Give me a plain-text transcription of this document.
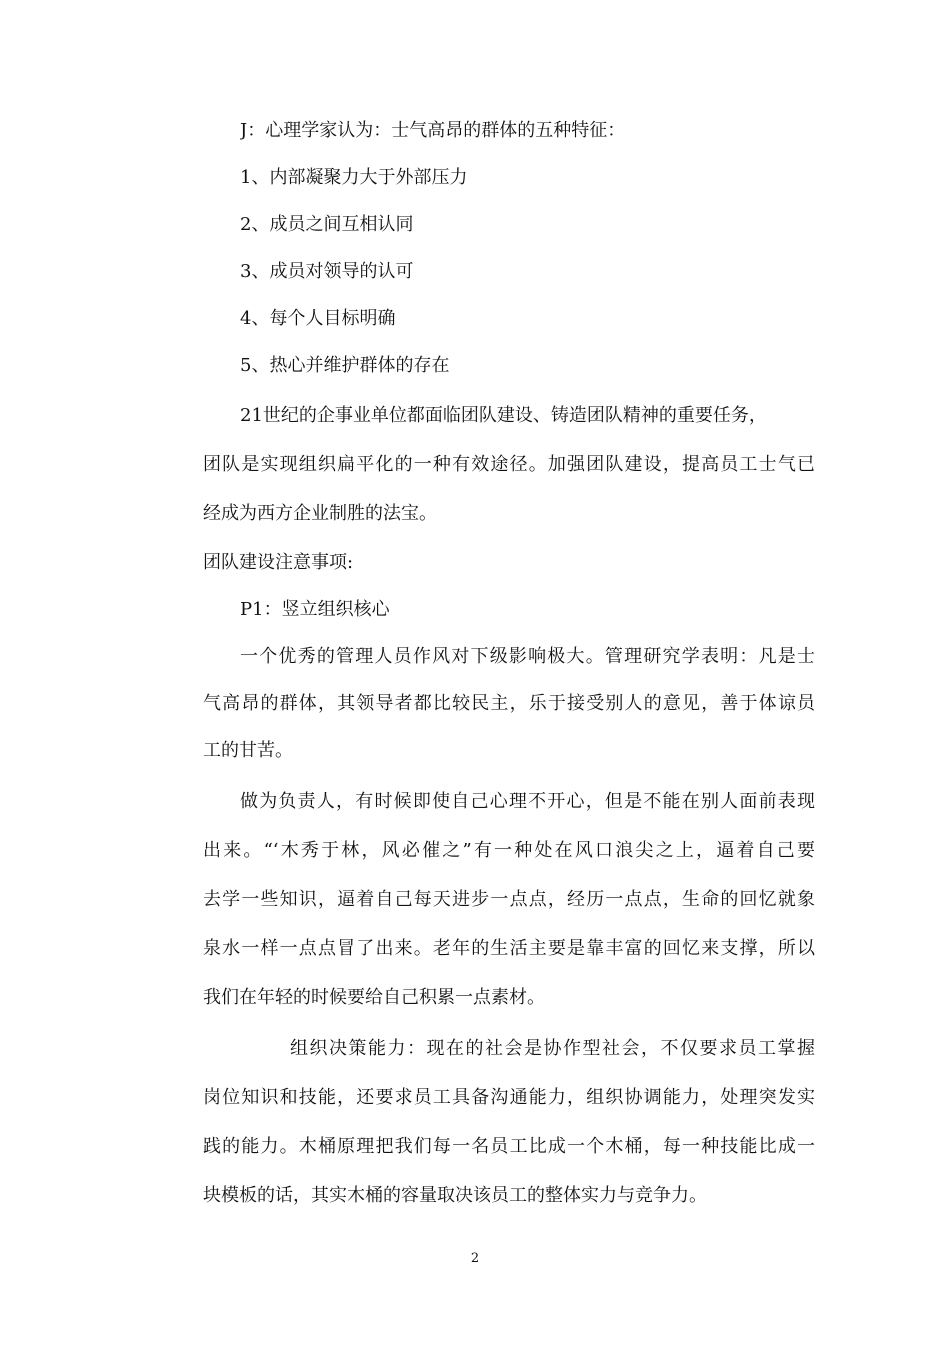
J：心理学家认为：士气高昂的群体的五种特征：
1、内部凝聚力大于外部压力
2、成员之间互相认同
3、成员对领导的认可
4、每个人目标明确
5、热心并维护群体的存在
21世纪的企事业单位都面临团队建设、铸造团队精神的重要任务，
团队是实现组织扁平化的一种有效途径。加强团队建设，提高员工士气已
经成为西方企业制胜的法宝。
团队建设注意事项:
P1：竖立组织核心
一个优秀的管理人员作风对下级影响极大。管理研究学表明：凡是士
气高昂的群体，其领导者都比较民主，乐于接受别人的意见，善于体谅员
工的甘苦。
做为负责人，有时候即使自己心理不开心，但是不能在别人面前表现
出来。“‘木秀于林，风必催之”有一种处在风口浪尖之上，逼着自己要
去学一些知识，逼着自己每天进步一点点，经历一点点，生命的回忆就象
泉水一样一点点冒了出来。老年的生活主要是靠丰富的回忆来支撑，所以
我们在年轻的时候要给自己积累一点素材。
组织决策能力：现在的社会是协作型社会，不仅要求员工掌握
岗位知识和技能，还要求员工具备沟通能力，组织协调能力，处理突发实
践的能力。木桶原理把我们每一名员工比成一个木桶，每一种技能比成一
块模板的话，其实木桶的容量取决该员工的整体实力与竞争力。
2
